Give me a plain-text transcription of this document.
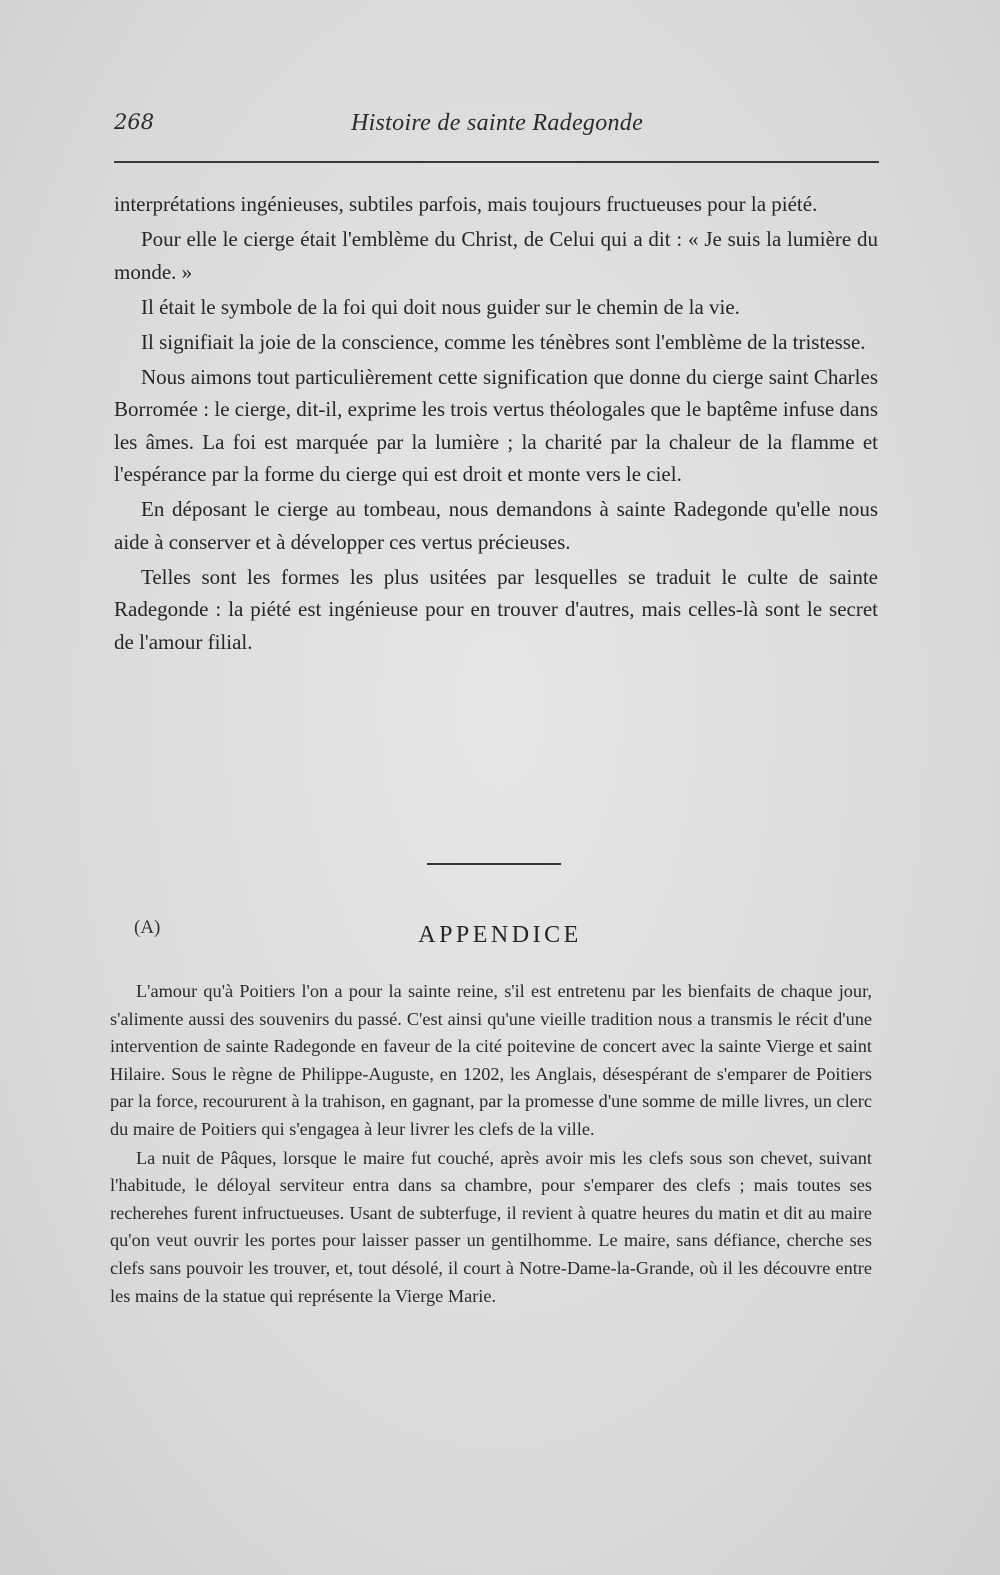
268	Histoire de sainte Radegonde

interprétations ingénieuses, subtiles parfois, mais toujours fructueuses pour la piété.

Pour elle le cierge était l'emblème du Christ, de Celui qui a dit : « Je suis la lumière du monde. »

Il était le symbole de la foi qui doit nous guider sur le chemin de la vie.

Il signifiait la joie de la conscience, comme les ténèbres sont l'emblème de la tristesse.

Nous aimons tout particulièrement cette signification que donne du cierge saint Charles Borromée : le cierge, dit-il, exprime les trois vertus théologales que le baptême infuse dans les âmes. La foi est marquée par la lumière ; la charité par la chaleur de la flamme et l'espérance par la forme du cierge qui est droit et monte vers le ciel.

En déposant le cierge au tombeau, nous demandons à sainte Radegonde qu'elle nous aide à conserver et à développer ces vertus précieuses.

Telles sont les formes les plus usitées par lesquelles se traduit le culte de sainte Radegonde : la piété est ingénieuse pour en trouver d'autres, mais celles-là sont le secret de l'amour filial.

(A)	APPENDICE

L'amour qu'à Poitiers l'on a pour la sainte reine, s'il est entretenu par les bienfaits de chaque jour, s'alimente aussi des souvenirs du passé. C'est ainsi qu'une vieille tradition nous a transmis le récit d'une intervention de sainte Radegonde en faveur de la cité poitevine de concert avec la sainte Vierge et saint Hilaire. Sous le règne de Philippe-Auguste, en 1202, les Anglais, désespérant de s'emparer de Poitiers par la force, recoururent à la trahison, en gagnant, par la promesse d'une somme de mille livres, un clerc du maire de Poitiers qui s'engagea à leur livrer les clefs de la ville.

La nuit de Pâques, lorsque le maire fut couché, après avoir mis les clefs sous son chevet, suivant l'habitude, le déloyal serviteur entra dans sa chambre, pour s'emparer des clefs ; mais toutes ses recherehes furent infructueuses. Usant de subterfuge, il revient à quatre heures du matin et dit au maire qu'on veut ouvrir les portes pour laisser passer un gentilhomme. Le maire, sans défiance, cherche ses clefs sans pouvoir les trouver, et, tout désolé, il court à Notre-Dame-la-Grande, où il les découvre entre les mains de la statue qui représente la Vierge Marie.
